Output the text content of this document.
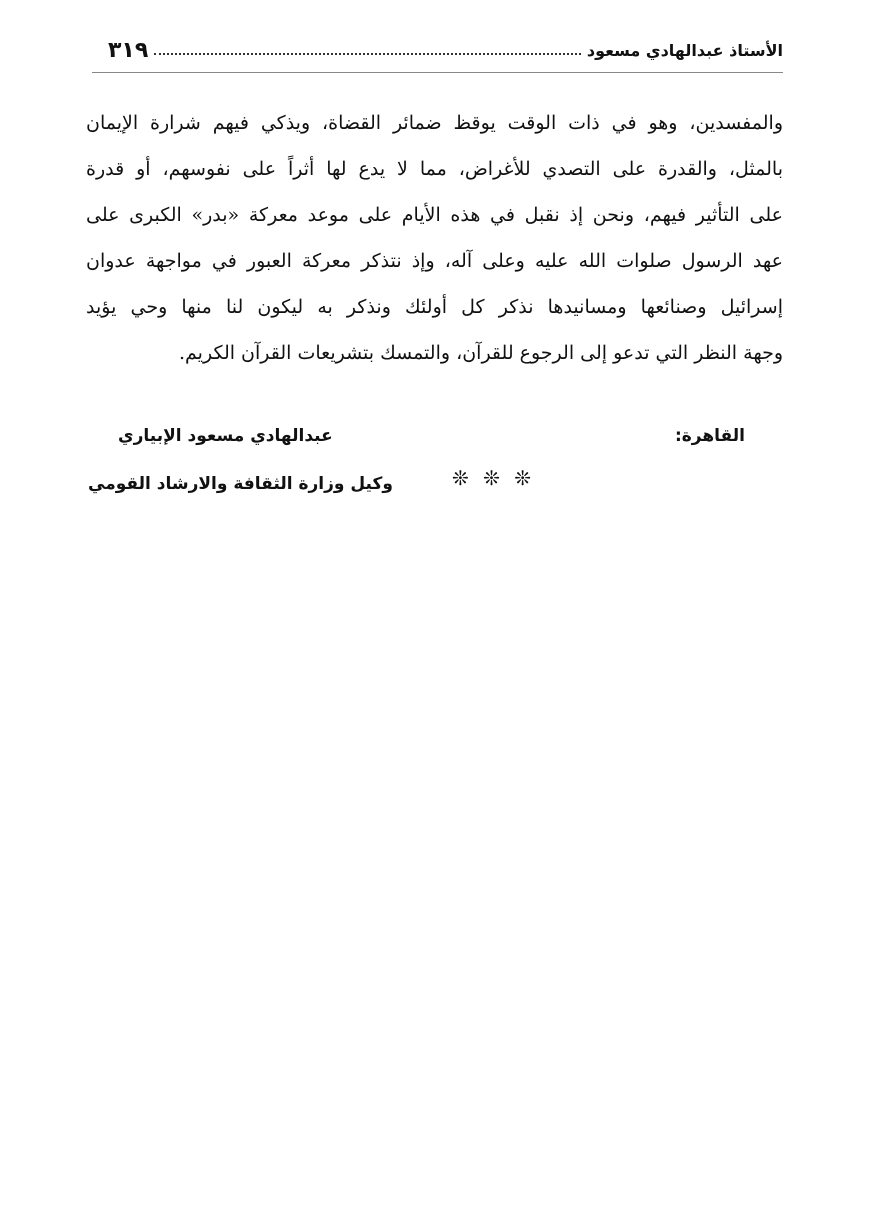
الأستاذ عبدالهادي مسعود
٣١٩
والمفسدين، وهو في ذات الوقت يوقظ ضمائر القضاة، ويذكي فيهم شرارة الإيمان
بالمثل، والقدرة على التصدي للأغراض، مما لا يدع لها أثراً على نفوسهم، أو قدرة
على التأثير فيهم، ونحن إذ نقبل في هذه الأيام على موعد معركة «بدر» الكبرى على
عهد الرسول صلوات الله عليه وعلى آله، وإذ نتذكر معركة العبور في مواجهة عدوان
إسرائيل وصنائعها ومسانيدها نذكر كل أولئك ونذكر به ليكون لنا منها وحي يؤيد
وجهة النظر التي تدعو إلى الرجوع للقرآن، والتمسك بتشريعات القرآن الكريم.
القاهرة:
❊ ❊ ❊
عبدالهادي مسعود الإبياري
وكيل وزارة الثقافة والارشاد القومي
